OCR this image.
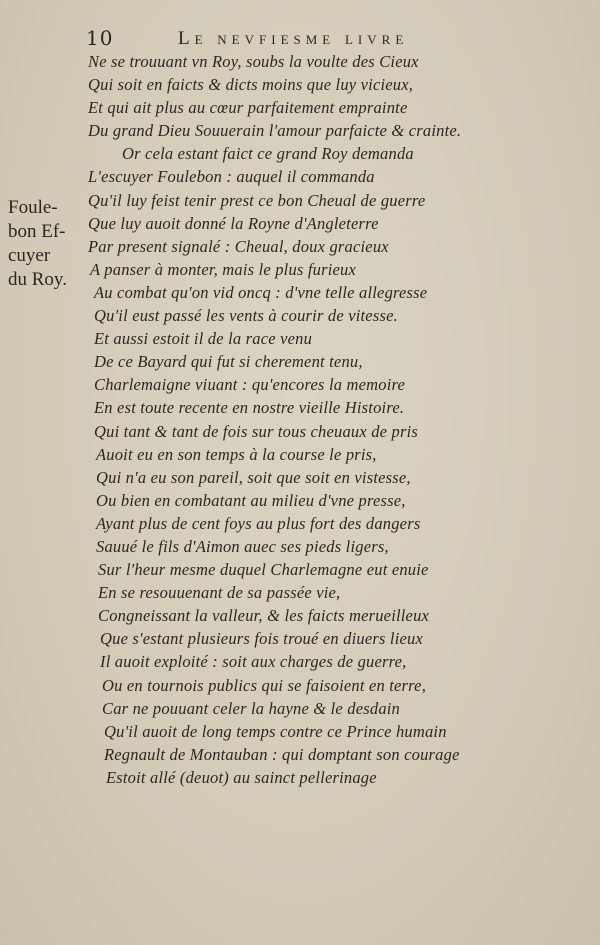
10	Le nevfiesme livre
Foule-
bon Ef-
cuyer
du Roy.
Ne se trouuant vn Roy, soubs la voulte des Cieux
Qui soit en faicts & dicts moins que luy vicieux,
Et qui ait plus au cœur parfaitement emprainte
Du grand Dieu Souuerain l'amour parfaicte & crainte.
Or cela estant faict ce grand Roy demanda
L'escuyer Foulebon : auquel il commanda
Qu'il luy feist tenir prest ce bon Cheual de guerre
Que luy auoit donné la Royne d'Angleterre
Par present signalé : Cheual, doux gracieux
A panser à monter, mais le plus furieux
Au combat qu'on vid oncq : d'vne telle allegresse
Qu'il eust passé les vents à courir de vitesse.
Et aussi estoit il de la race venu
De ce Bayard qui fut si cherement tenu,
Charlemaigne viuant : qu'encores la memoire
En est toute recente en nostre vieille Histoire.
Qui tant & tant de fois sur tous cheuaux de pris
Auoit eu en son temps à la course le pris,
Qui n'a eu son pareil, soit que soit en vistesse,
Ou bien en combatant au milieu d'vne presse,
Ayant plus de cent foys au plus fort des dangers
Sauué le fils d'Aimon auec ses pieds ligers,
Sur l'heur mesme duquel Charlemagne eut enuie
En se resouuenant de sa passée vie,
Congneissant la valleur, & les faicts merueilleux
Que s'estant plusieurs fois troué en diuers lieux
Il auoit exploité : soit aux charges de guerre,
Ou en tournois publics qui se faisoient en terre,
Car ne pouuant celer la hayne & le desdain
Qu'il auoit de long temps contre ce Prince humain
Regnault de Montauban : qui domptant son courage
Estoit allé (deuot) au sainct pellerinage
